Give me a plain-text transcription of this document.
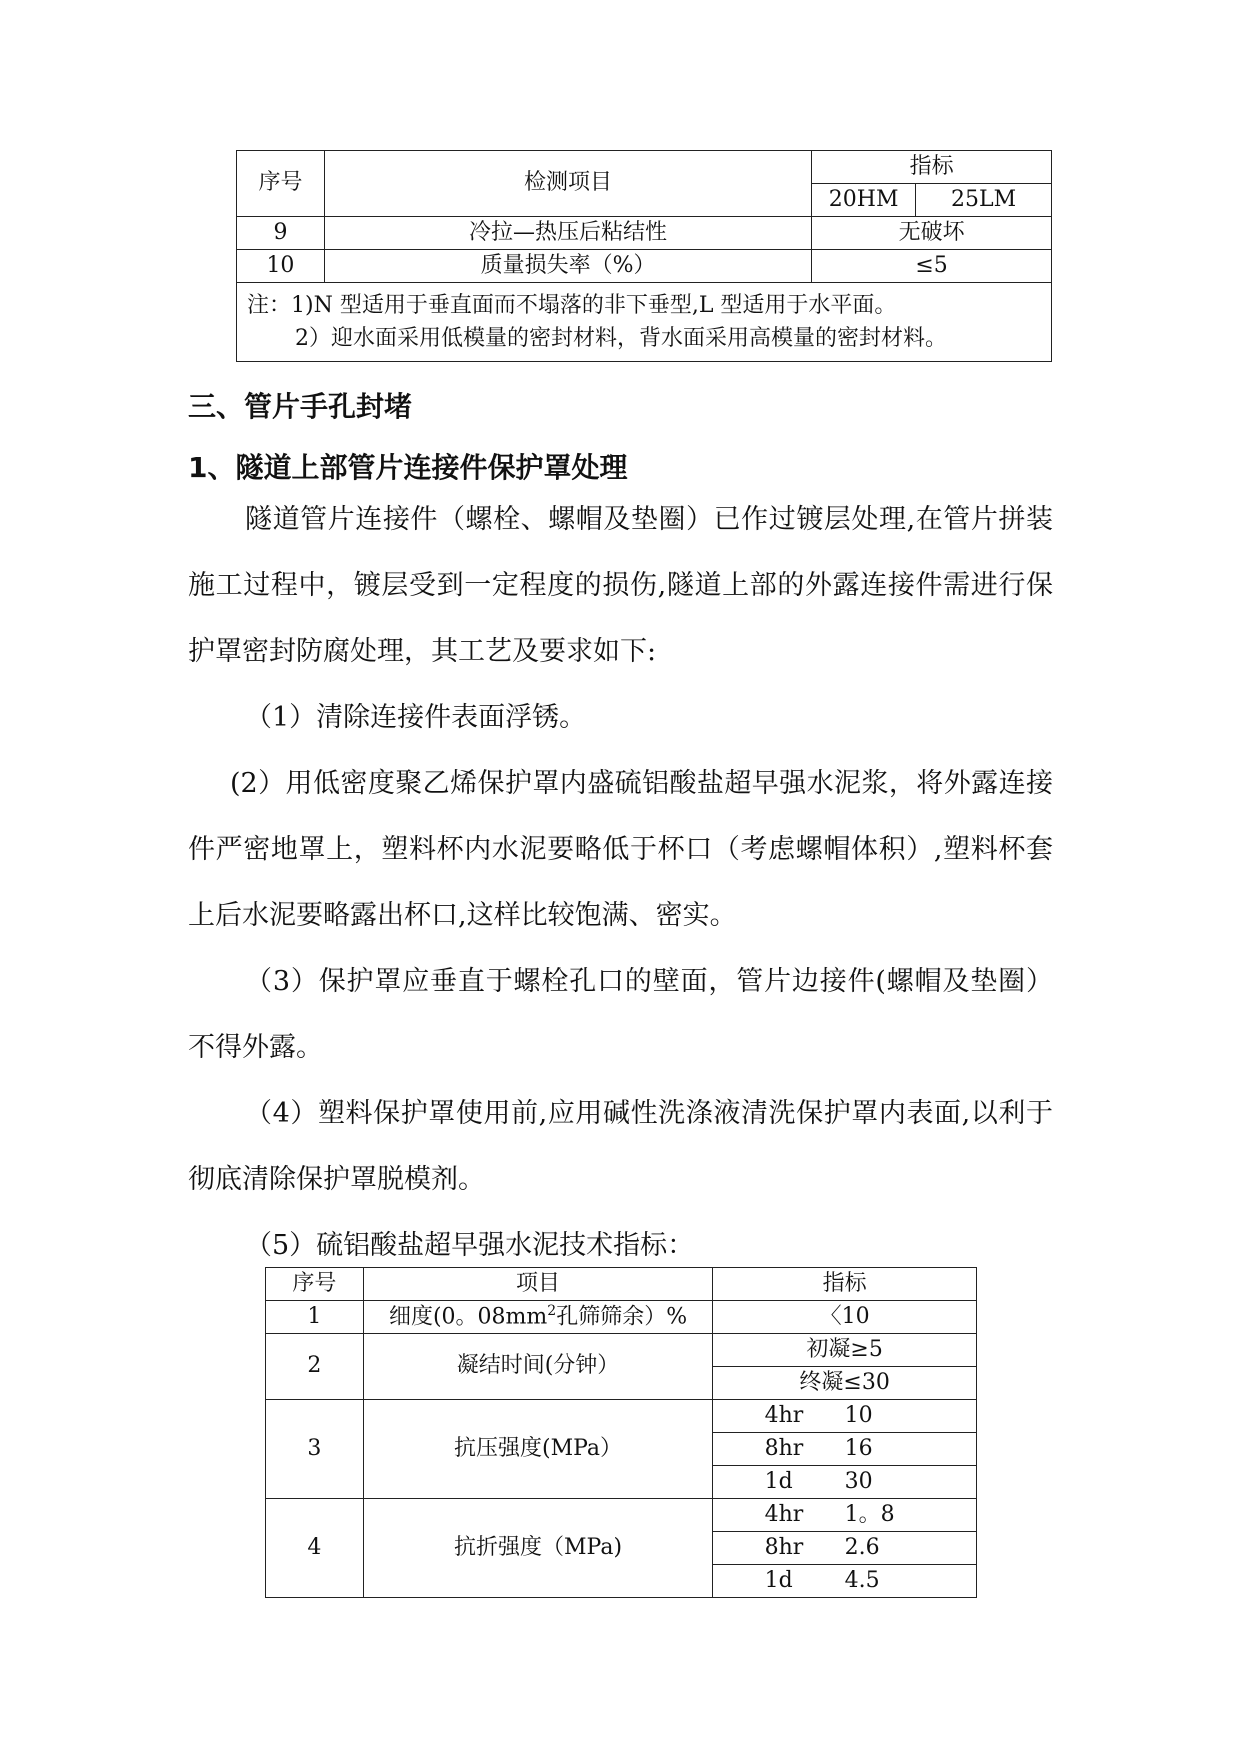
序号	检测项目	指标	
		20HM	25LM
9	冷拉—热压后粘结性	无破坏	
10	质量损失率（%）	≤5	

注：1)N 型适用于垂直面而不塌落的非下垂型,L 型适用于水平面。
2）迎水面采用低模量的密封材料，背水面采用高模量的密封材料。			
三、管片手孔封堵
1、隧道上部管片连接件保护罩处理

隧道管片连接件（螺栓、螺帽及垫圈）已作过镀层处理,在管片拼装施工过程中，镀层受到一定程度的损伤,隧道上部的外露连接件需进行保护罩密封防腐处理，其工艺及要求如下:

（1）清除连接件表面浮锈。

(2）用低密度聚乙烯保护罩内盛硫铝酸盐超早强水泥浆，将外露连接件严密地罩上，塑料杯内水泥要略低于杯口（考虑螺帽体积）,塑料杯套上后水泥要略露出杯口,这样比较饱满、密实。

（3）保护罩应垂直于螺栓孔口的壁面，管片边接件(螺帽及垫圈）不得外露。

（4）塑料保护罩使用前,应用碱性洗涤液清洗保护罩内表面,以利于彻底清除保护罩脱模剂。

（5）硫铝酸盐超早强水泥技术指标：

序号	项目	指标
1	细度(0。$08mm^2$孔筛筛余）%	〈10
2	凝结时间(分钟）	初凝≥5
		终凝≤30
3	抗压强度(MPa）	4hr 10
		8hr 16
		1d 30
4	抗折强度（MPa)	4hr 1。8
		8hr 2.6
		1d 4.5
